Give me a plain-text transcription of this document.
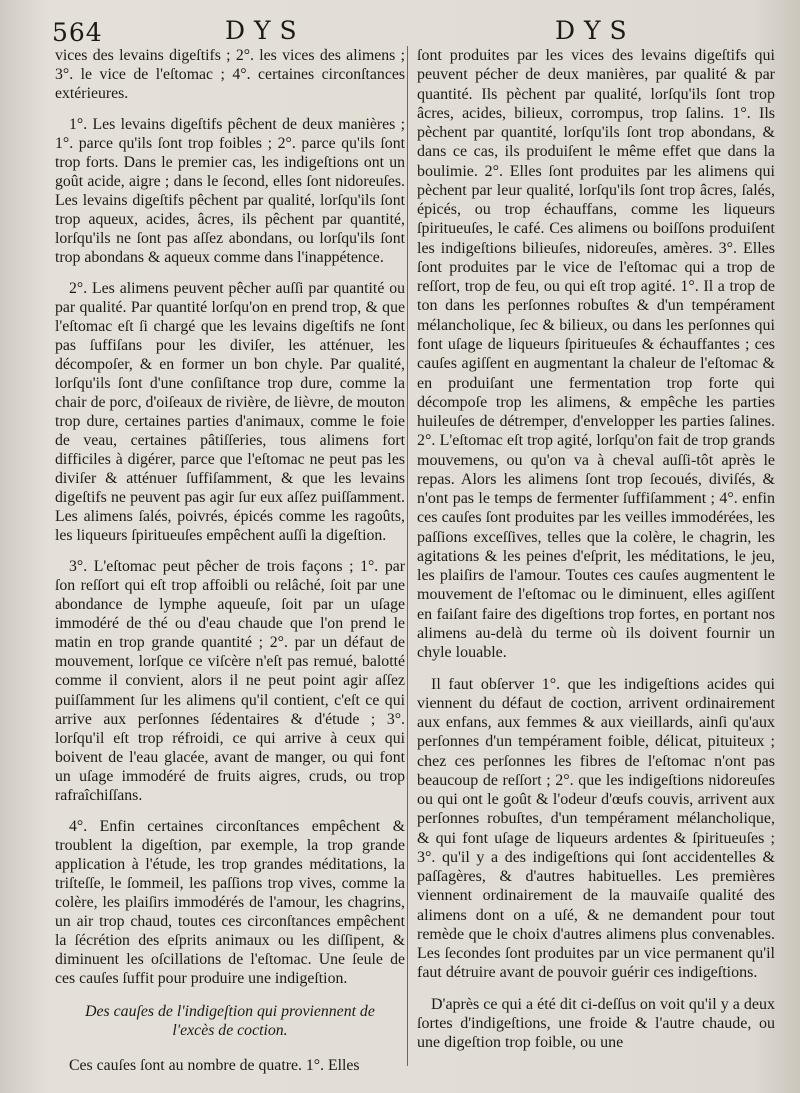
564	DYS	DYS

vices des levains digeſtifs ; 2°. les vices des alimens ; 3°. le vice de l'eſtomac ; 4°. certaines circonſtances extérieures.

1°. Les levains digeſtifs pêchent de deux manières ; 1°. parce qu'ils ſont trop foibles ; 2°. parce qu'ils ſont trop forts. Dans le premier cas, les indigeſtions ont un goût acide, aigre ; dans le ſecond, elles ſont nidoreuſes. Les levains digeſtifs pêchent par qualité, lorſqu'ils ſont trop aqueux, acides, âcres, ils pêchent par quantité, lorſqu'ils ne ſont pas aſſez abondans, ou lorſqu'ils ſont trop abondans & aqueux comme dans l'inappétence.

2°. Les alimens peuvent pêcher auſſi par quantité ou par qualité. Par quantité lorſqu'on en prend trop, & que l'eſtomac eſt ſi chargé que les levains digeſtifs ne ſont pas ſuffiſans pour les diviſer, les atténuer, les décompoſer, & en former un bon chyle. Par qualité, lorſqu'ils ſont d'une conſiſtance trop dure, comme la chair de porc, d'oiſeaux de rivière, de lièvre, de mouton trop dure, certaines parties d'animaux, comme le foie de veau, certaines pâtiſſeries, tous alimens fort difficiles à digérer, parce que l'eſtomac ne peut pas les diviſer & atténuer ſuffiſamment, & que les levains digeſtifs ne peuvent pas agir ſur eux aſſez puiſſamment. Les alimens ſalés, poivrés, épicés comme les ragoûts, les liqueurs ſpiritueuſes empêchent auſſi la digeſtion.

3°. L'eſtomac peut pêcher de trois façons ; 1°. par ſon reſſort qui eſt trop affoibli ou relâché, ſoit par une abondance de lymphe aqueuſe, ſoit par un uſage immodéré de thé ou d'eau chaude que l'on prend le matin en trop grande quantité ; 2°. par un défaut de mouvement, lorſque ce viſcère n'eſt pas remué, balotté comme il convient, alors il ne peut point agir aſſez puiſſamment ſur les alimens qu'il contient, c'eſt ce qui arrive aux perſonnes ſédentaires & d'étude ; 3°. lorſqu'il eſt trop réfroidi, ce qui arrive à ceux qui boivent de l'eau glacée, avant de manger, ou qui font un uſage immodéré de fruits aigres, cruds, ou trop rafraîchiſſans.

4°. Enfin certaines circonſtances empêchent & troublent la digeſtion, par exemple, la trop grande application à l'étude, les trop grandes méditations, la triſteſſe, le ſommeil, les paſſions trop vives, comme la colère, les plaiſirs immodérés de l'amour, les chagrins, un air trop chaud, toutes ces circonſtances empêchent la ſécrétion des eſprits animaux ou les diſſipent, & diminuent les oſcillations de l'eſtomac. Une ſeule de ces cauſes ſuffit pour produire une indigeſtion.

Des cauſes de l'indigeſtion qui proviennent de l'excès de coction.

Ces cauſes ſont au nombre de quatre. 1°. Elles

ſont produites par les vices des levains digeſtifs qui peuvent pécher de deux manières, par qualité & par quantité. Ils pèchent par qualité, lorſqu'ils ſont trop âcres, acides, bilieux, corrompus, trop ſalins. 1°. Ils pèchent par quantité, lorſqu'ils ſont trop abondans, & dans ce cas, ils produiſent le même effet que dans la boulimie. 2°. Elles ſont produites par les alimens qui pèchent par leur qualité, lorſqu'ils ſont trop âcres, ſalés, épicés, ou trop échauffans, comme les liqueurs ſpiritueuſes, le café. Ces alimens ou boiſſons produiſent les indigeſtions bilieuſes, nidoreuſes, amères. 3°. Elles ſont produites par le vice de l'eſtomac qui a trop de reſſort, trop de feu, ou qui eſt trop agité. 1°. Il a trop de ton dans les perſonnes robuſtes & d'un tempérament mélancholique, ſec & bilieux, ou dans les perſonnes qui font uſage de liqueurs ſpiritueuſes & échauffantes ; ces cauſes agiſſent en augmentant la chaleur de l'eſtomac & en produiſant une fermentation trop forte qui décompoſe trop les alimens, & empêche les parties huileuſes de détremper, d'envelopper les parties ſalines. 2°. L'eſtomac eſt trop agité, lorſqu'on fait de trop grands mouvemens, ou qu'on va à cheval auſſi-tôt après le repas. Alors les alimens ſont trop ſecoués, diviſés, & n'ont pas le temps de fermenter ſuffiſamment ; 4°. enfin ces cauſes ſont produites par les veilles immodérées, les paſſions exceſſives, telles que la colère, le chagrin, les agitations & les peines d'eſprit, les méditations, le jeu, les plaiſirs de l'amour. Toutes ces cauſes augmentent le mouvement de l'eſtomac ou le diminuent, elles agiſſent en faiſant faire des digeſtions trop fortes, en portant nos alimens au-delà du terme où ils doivent fournir un chyle louable.

Il faut obſerver 1°. que les indigeſtions acides qui viennent du défaut de coction, arrivent ordinairement aux enfans, aux femmes & aux vieillards, ainſi qu'aux perſonnes d'un tempérament foible, délicat, pituiteux ; chez ces perſonnes les fibres de l'eſtomac n'ont pas beaucoup de reſſort ; 2°. que les indigeſtions nidoreuſes ou qui ont le goût & l'odeur d'œufs couvis, arrivent aux perſonnes robuſtes, d'un tempérament mélancholique, & qui font uſage de liqueurs ardentes & ſpiritueuſes ; 3°. qu'il y a des indigeſtions qui ſont accidentelles & paſſagères, & d'autres habituelles. Les premières viennent ordinairement de la mauvaiſe qualité des alimens dont on a uſé, & ne demandent pour tout remède que le choix d'autres alimens plus convenables. Les ſecondes ſont produites par un vice permanent qu'il faut détruire avant de pouvoir guérir ces indigeſtions.

D'après ce qui a été dit ci-deſſus on voit qu'il y a deux ſortes d'indigeſtions, une froide & l'autre chaude, ou une digeſtion trop foible, ou une
